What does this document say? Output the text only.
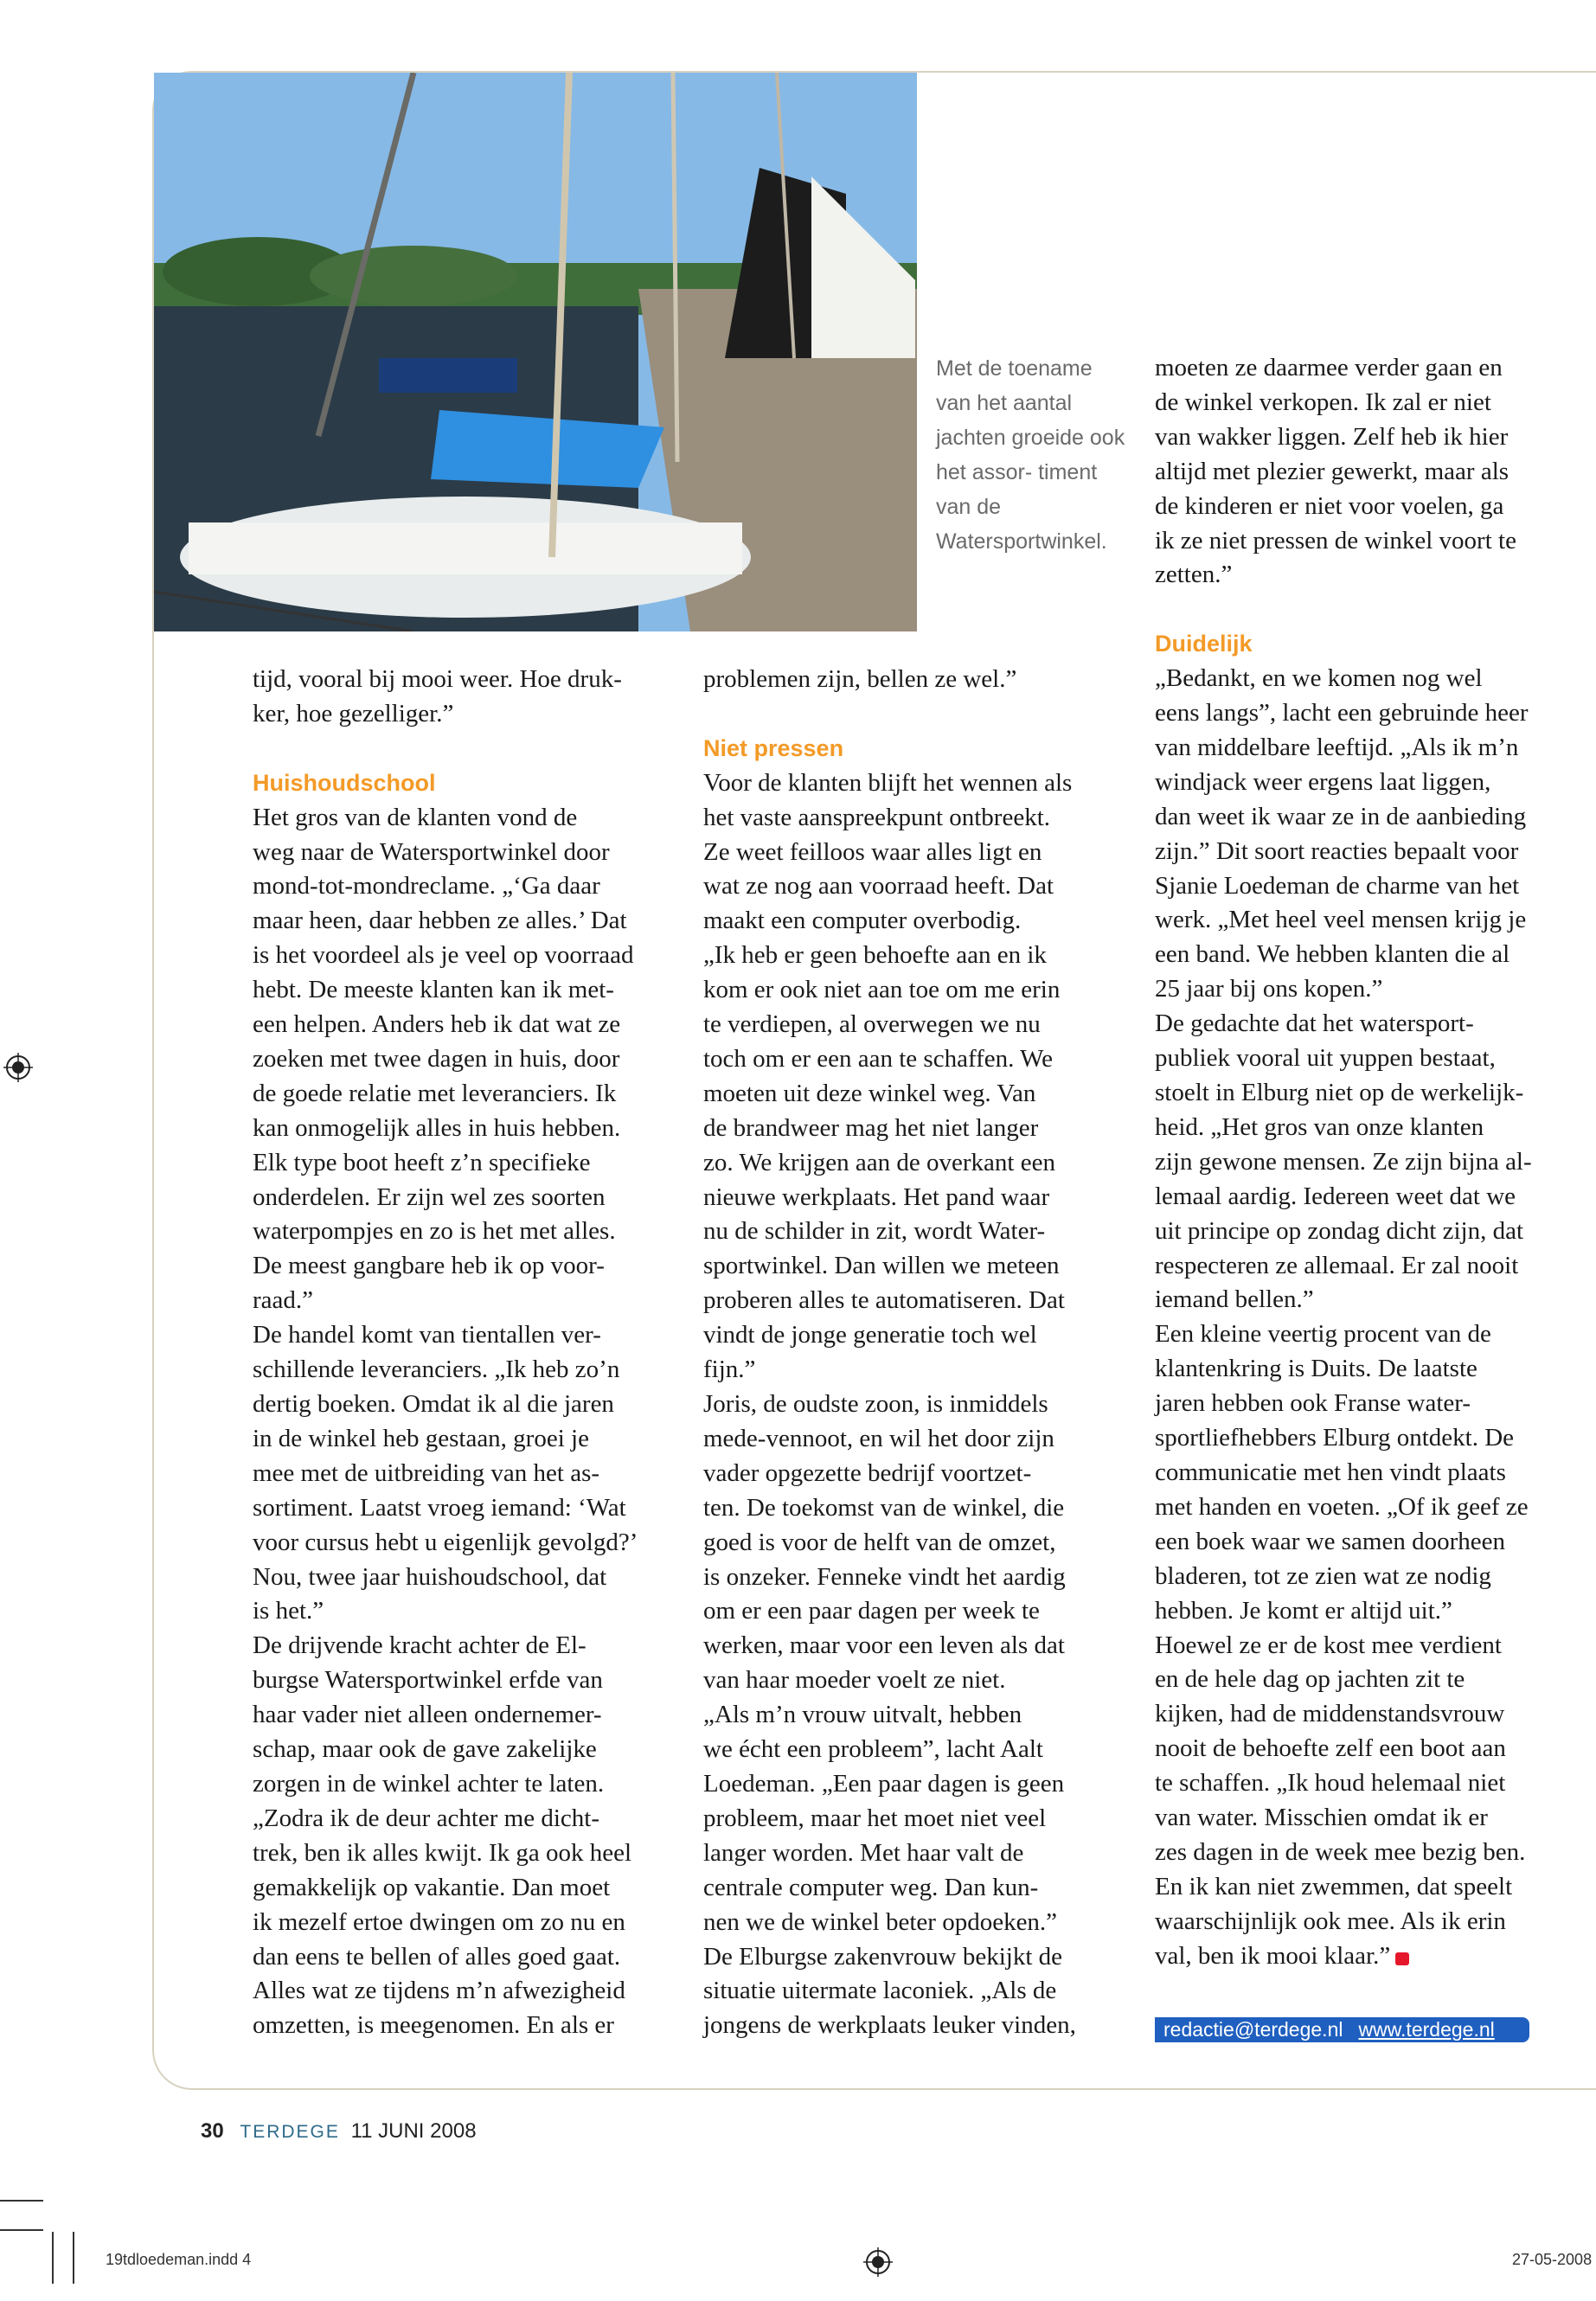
Met de toename van het aantal jachten groeide ook het assor- timent van de Watersportwinkel.

tijd, vooral bij mooi weer. Hoe druk-
ker, hoe gezelliger.”

Huishoudschool

Het gros van de klanten vond de
weg naar de Watersportwinkel door
mond-tot-mondreclame. „‘Ga daar
maar heen, daar hebben ze alles.’ Dat
is het voordeel als je veel op voorraad
hebt. De meeste klanten kan ik met-
een helpen. Anders heb ik dat wat ze
zoeken met twee dagen in huis, door
de goede relatie met leveranciers. Ik
kan onmogelijk alles in huis hebben.
Elk type boot heeft z’n specifieke
onderdelen. Er zijn wel zes soorten
waterpompjes en zo is het met alles.
De meest gangbare heb ik op voor-
raad.”

De handel komt van tientallen ver-
schillende leveranciers. „Ik heb zo’n
dertig boeken. Omdat ik al die jaren
in de winkel heb gestaan, groei je
mee met de uitbreiding van het as-
sortiment. Laatst vroeg iemand: ‘Wat
voor cursus hebt u eigenlijk gevolgd?’
Nou, twee jaar huishoudschool, dat
is het.”

De drijvende kracht achter de El-
burgse Watersportwinkel erfde van
haar vader niet alleen ondernemer-
schap, maar ook de gave zakelijke
zorgen in de winkel achter te laten.
„Zodra ik de deur achter me dicht-
trek, ben ik alles kwijt. Ik ga ook heel
gemakkelijk op vakantie. Dan moet
ik mezelf ertoe dwingen om zo nu en
dan eens te bellen of alles goed gaat.
Alles wat ze tijdens m’n afwezigheid
omzetten, is meegenomen. En als er

problemen zijn, bellen ze wel.”

Niet pressen

Voor de klanten blijft het wennen als
het vaste aanspreekpunt ontbreekt.
Ze weet feilloos waar alles ligt en
wat ze nog aan voorraad heeft. Dat
maakt een computer overbodig.
„Ik heb er geen behoefte aan en ik
kom er ook niet aan toe om me erin
te verdiepen, al overwegen we nu
toch om er een aan te schaffen. We
moeten uit deze winkel weg. Van
de brandweer mag het niet langer
zo. We krijgen aan de overkant een
nieuwe werkplaats. Het pand waar
nu de schilder in zit, wordt Water-
sportwinkel. Dan willen we meteen
proberen alles te automatiseren. Dat
vindt de jonge generatie toch wel
fijn.”

Joris, de oudste zoon, is inmiddels
mede-vennoot, en wil het door zijn
vader opgezette bedrijf voortzet-
ten. De toekomst van de winkel, die
goed is voor de helft van de omzet,
is onzeker. Fenneke vindt het aardig
om er een paar dagen per week te
werken, maar voor een leven als dat
van haar moeder voelt ze niet.
„Als m’n vrouw uitvalt, hebben
we écht een probleem”, lacht Aalt
Loedeman. „Een paar dagen is geen
probleem, maar het moet niet veel
langer worden. Met haar valt de
centrale computer weg. Dan kun-
nen we de winkel beter opdoeken.”

De Elburgse zakenvrouw bekijkt de
situatie uitermate laconiek. „Als de
jongens de werkplaats leuker vinden,

moeten ze daarmee verder gaan en
de winkel verkopen. Ik zal er niet
van wakker liggen. Zelf heb ik hier
altijd met plezier gewerkt, maar als
de kinderen er niet voor voelen, ga
ik ze niet pressen de winkel voort te
zetten.”

Duidelijk

„Bedankt, en we komen nog wel
eens langs”, lacht een gebruinde heer
van middelbare leeftijd. „Als ik m’n
windjack weer ergens laat liggen,
dan weet ik waar ze in de aanbieding
zijn.” Dit soort reacties bepaalt voor
Sjanie Loedeman de charme van het
werk. „Met heel veel mensen krijg je
een band. We hebben klanten die al
25 jaar bij ons kopen.”

De gedachte dat het watersport-
publiek vooral uit yuppen bestaat,
stoelt in Elburg niet op de werkelijk-
heid. „Het gros van onze klanten
zijn gewone mensen. Ze zijn bijna al-
lemaal aardig. Iedereen weet dat we
uit principe op zondag dicht zijn, dat
respecteren ze allemaal. Er zal nooit
iemand bellen.”

Een kleine veertig procent van de
klantenkring is Duits. De laatste
jaren hebben ook Franse water-
sportliefhebbers Elburg ontdekt. De
communicatie met hen vindt plaats
met handen en voeten. „Of ik geef ze
een boek waar we samen doorheen
bladeren, tot ze zien wat ze nodig
hebben. Je komt er altijd uit.”

Hoewel ze er de kost mee verdient
en de hele dag op jachten zit te
kijken, had de middenstandsvrouw
nooit de behoefte zelf een boot aan
te schaffen. „Ik houd helemaal niet
van water. Misschien omdat ik er
zes dagen in de week mee bezig ben.
En ik kan niet zwemmen, dat speelt
waarschijnlijk ook mee. Als ik erin
val, ben ik mooi klaar.”

redactie@terdege.nl www.terdege.nl
30 TERDEGE 11 JUNI 2008
19tdloedeman.indd 4	27-05-2008
